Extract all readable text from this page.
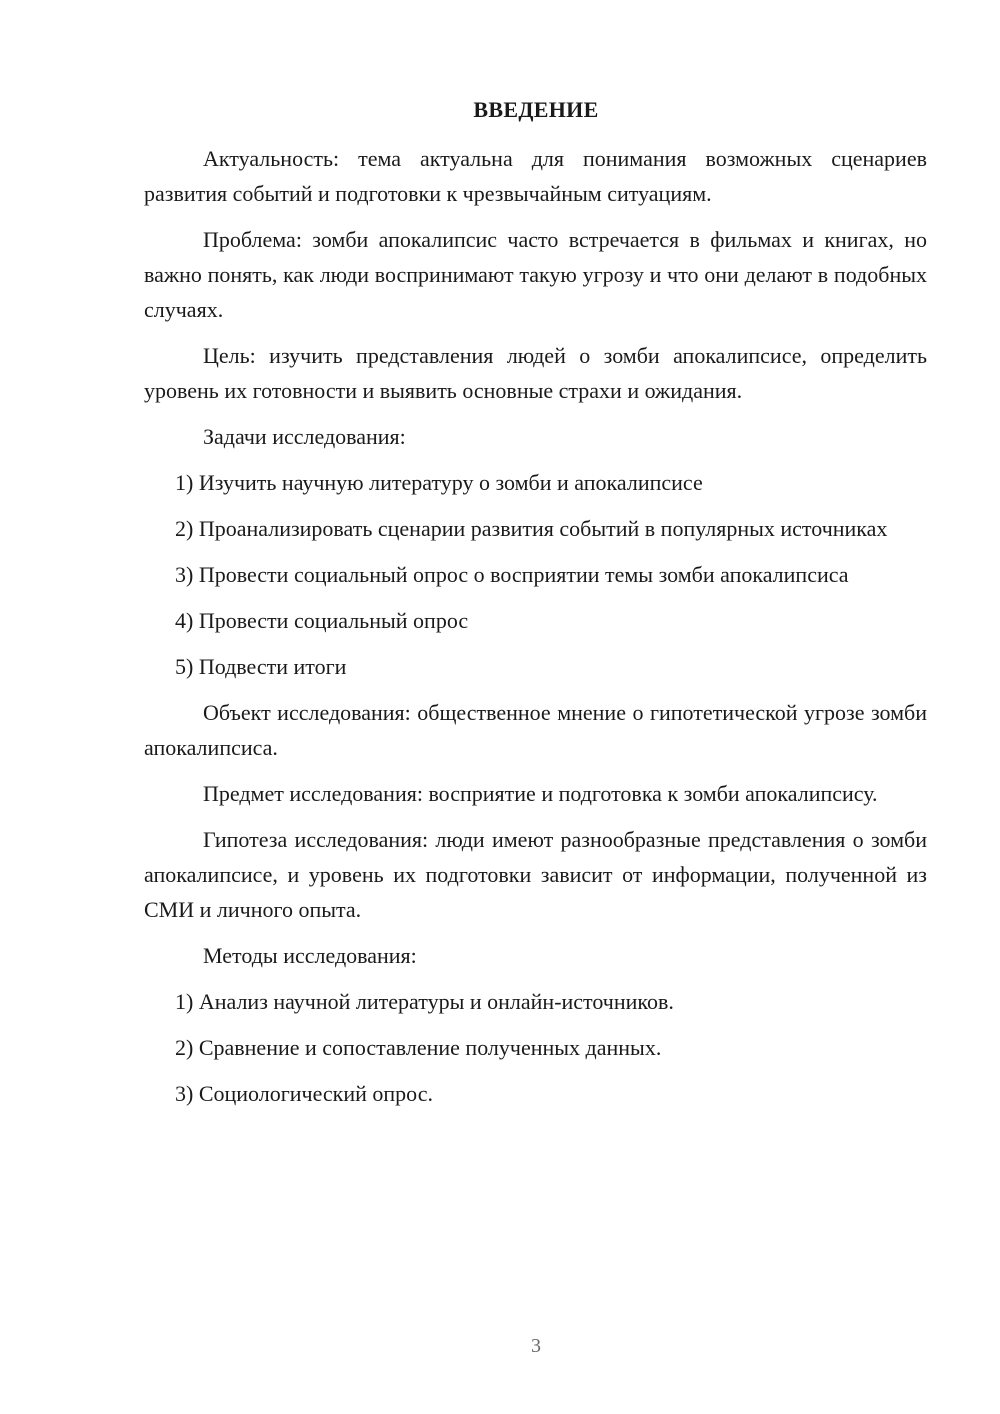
ВВЕДЕНИЕ

Актуальность: тема актуальна для понимания возможных сценариев развития событий и подготовки к чрезвычайным ситуациям.

Проблема: зомби апокалипсис часто встречается в фильмах и книгах, но важно понять, как люди воспринимают такую угрозу и что они делают в подобных случаях.

Цель: изучить представления людей о зомби апокалипсисе, определить уровень их готовности и выявить основные страхи и ожидания.

Задачи исследования:

1) Изучить научную литературу о зомби и апокалипсисе

2) Проанализировать сценарии развития событий в популярных источниках

3) Провести социальный опрос о восприятии темы зомби апокалипсиса

4) Провести социальный опрос

5) Подвести итоги

Объект исследования: общественное мнение о гипотетической угрозе зомби апокалипсиса.

Предмет исследования: восприятие и подготовка к зомби апокалипсису.

Гипотеза исследования: люди имеют разнообразные представления о зомби апокалипсисе, и уровень их подготовки зависит от информации, полученной из СМИ и личного опыта.

Методы исследования:

1) Анализ научной литературы и онлайн-источников.

2) Сравнение и сопоставление полученных данных.

3) Социологический опрос.

3
